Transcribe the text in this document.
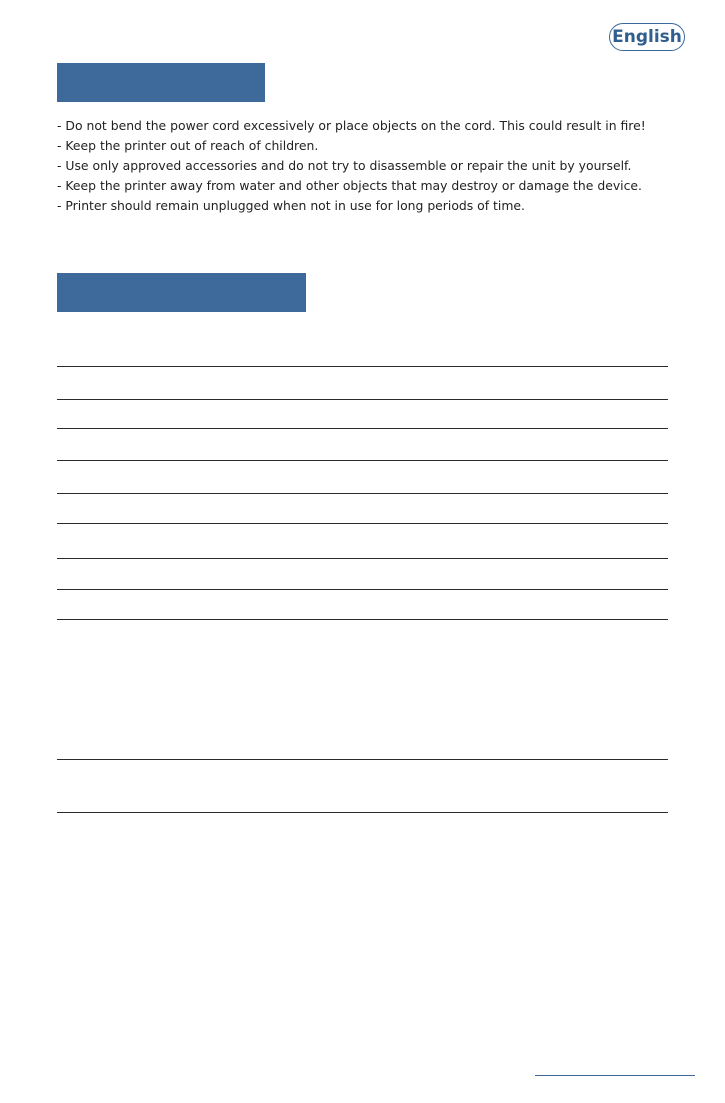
English
- Do not bend the power cord excessively or place objects on the cord. This could result in fire!
- Keep the printer out of reach of children.
- Use only approved accessories and do not try to disassemble or repair the unit by yourself.
- Keep the printer away from water and other objects that may destroy or damage the device.
- Printer should remain unplugged when not in use for long periods of time.
